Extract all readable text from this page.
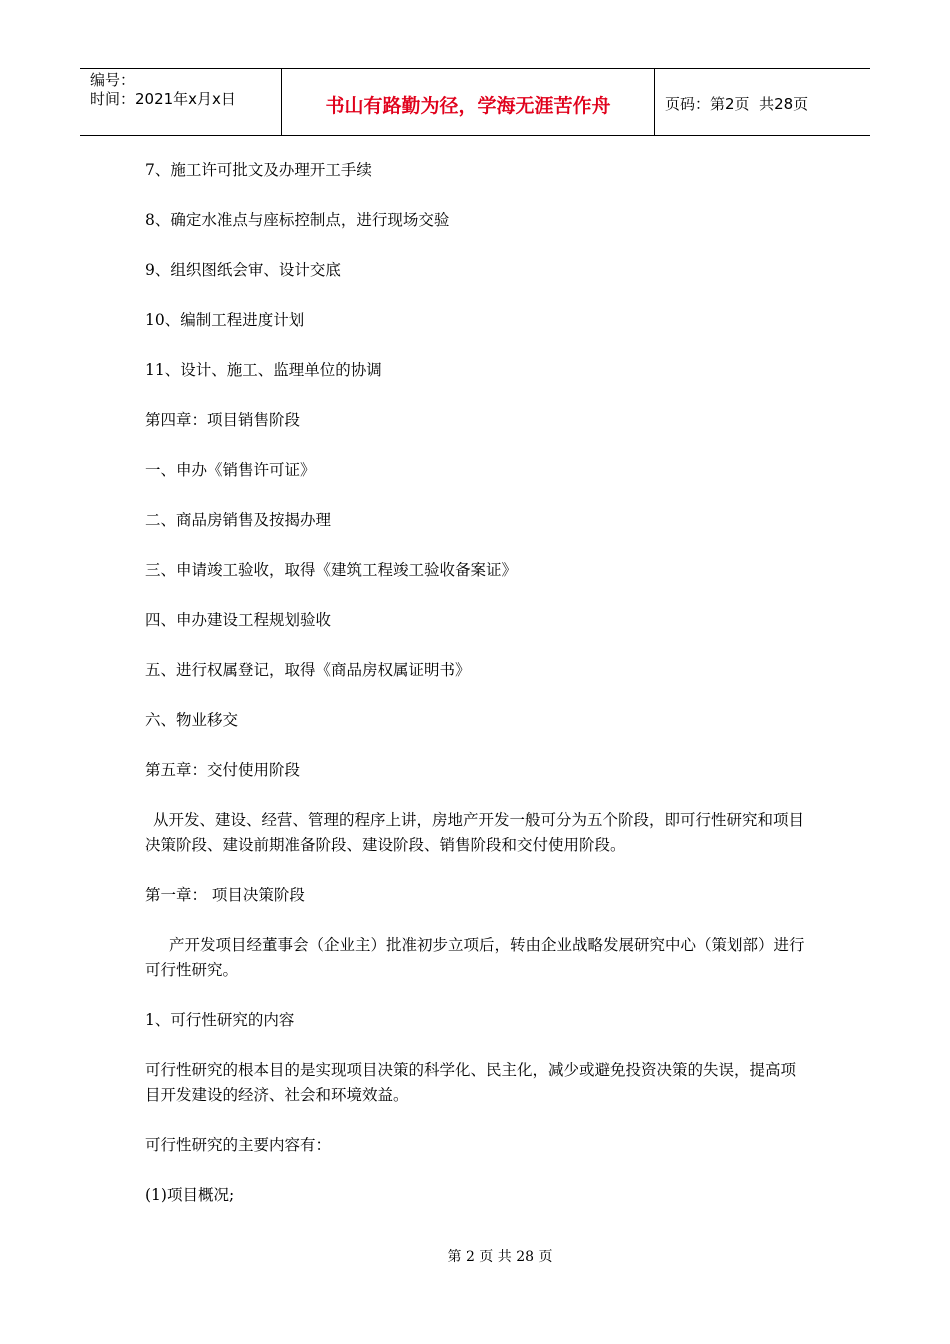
编号：
时间：2021年x月x日	书山有路勤为径，学海无涯苦作舟	页码：第2页  共28页

7、施工许可批文及办理开工手续

8、确定水准点与座标控制点，进行现场交验

9、组织图纸会审、设计交底

10、编制工程进度计划

11、设计、施工、监理单位的协调

第四章：项目销售阶段

一、申办《销售许可证》

二、商品房销售及按揭办理

三、申请竣工验收，取得《建筑工程竣工验收备案证》

四、申办建设工程规划验收

五、进行权属登记，取得《商品房权属证明书》

六、物业移交

第五章：交付使用阶段

从开发、建设、经营、管理的程序上讲，房地产开发一般可分为五个阶段，即可行性研究和项目决策阶段、建设前期准备阶段、建设阶段、销售阶段和交付使用阶段。

第一章： 项目决策阶段

产开发项目经董事会（企业主）批准初步立项后，转由企业战略发展研究中心（策划部）进行可行性研究。

1、可行性研究的内容

可行性研究的根本目的是实现项目决策的科学化、民主化，减少或避免投资决策的失误，提高项目开发建设的经济、社会和环境效益。

可行性研究的主要内容有：

(1)项目概况;

第 2 页 共 28 页
